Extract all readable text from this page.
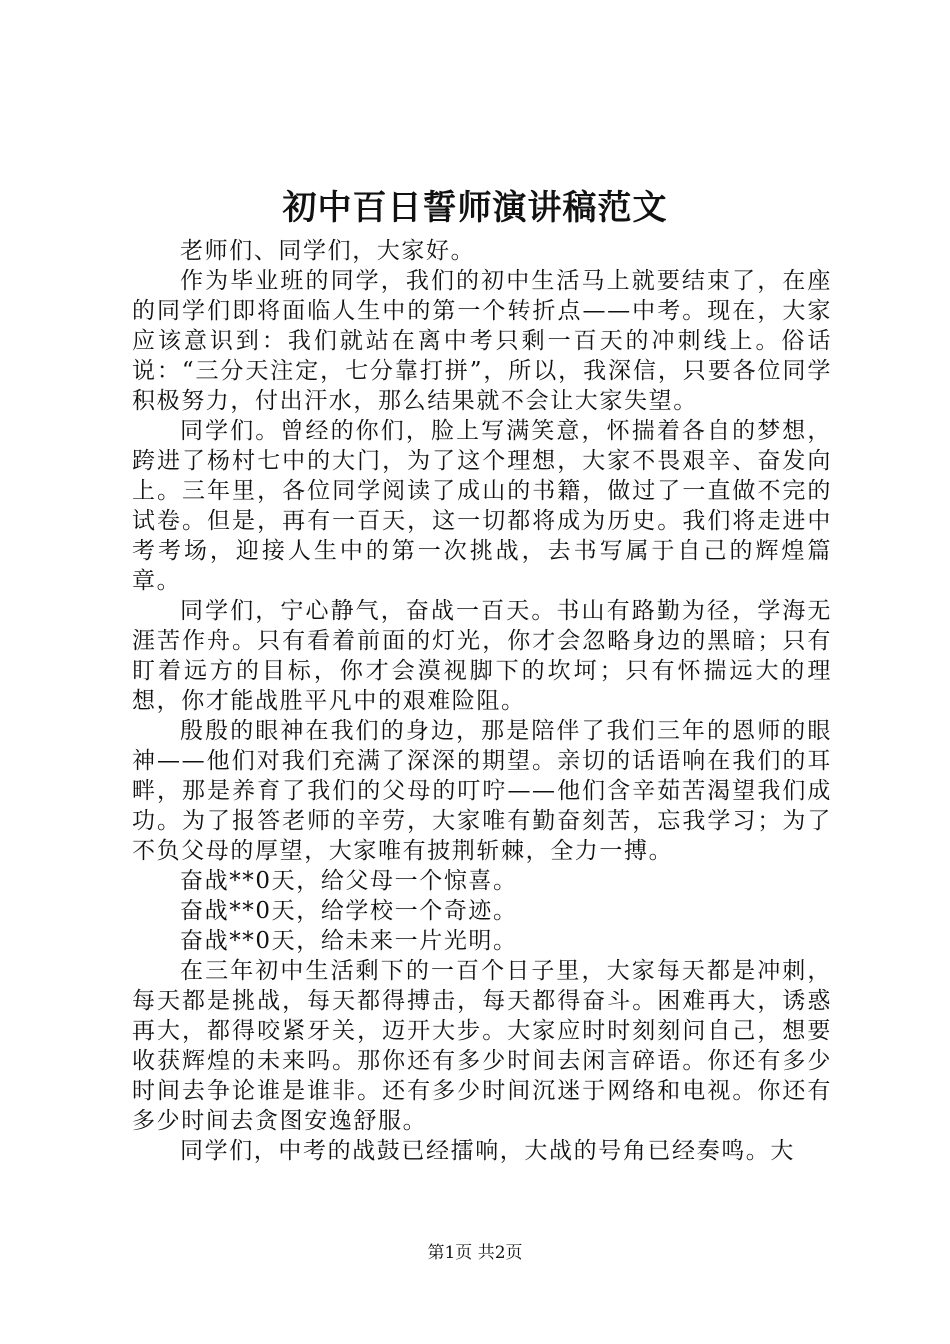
初中百日誓师演讲稿范文

老师们、同学们，大家好。

作为毕业班的同学，我们的初中生活马上就要结束了，在座的同学们即将面临人生中的第一个转折点——中考。现在，大家应该意识到：我们就站在离中考只剩一百天的冲刺线上。俗话说：“三分天注定，七分靠打拼”，所以，我深信，只要各位同学积极努力，付出汗水，那么结果就不会让大家失望。

同学们。曾经的你们，脸上写满笑意，怀揣着各自的梦想，跨进了杨村七中的大门，为了这个理想，大家不畏艰辛、奋发向上。三年里，各位同学阅读了成山的书籍，做过了一直做不完的试卷。但是，再有一百天，这一切都将成为历史。我们将走进中考考场，迎接人生中的第一次挑战，去书写属于自己的辉煌篇章。

同学们，宁心静气，奋战一百天。书山有路勤为径，学海无涯苦作舟。只有看着前面的灯光，你才会忽略身边的黑暗；只有盯着远方的目标，你才会漠视脚下的坎坷；只有怀揣远大的理想，你才能战胜平凡中的艰难险阻。

殷殷的眼神在我们的身边，那是陪伴了我们三年的恩师的眼神——他们对我们充满了深深的期望。亲切的话语响在我们的耳畔，那是养育了我们的父母的叮咛——他们含辛茹苦渴望我们成功。为了报答老师的辛劳，大家唯有勤奋刻苦，忘我学习；为了不负父母的厚望，大家唯有披荆斩棘，全力一搏。

奋战**0天，给父母一个惊喜。

奋战**0天，给学校一个奇迹。

奋战**0天，给未来一片光明。

在三年初中生活剩下的一百个日子里，大家每天都是冲刺，每天都是挑战，每天都得搏击，每天都得奋斗。困难再大，诱惑再大，都得咬紧牙关，迈开大步。大家应时时刻刻问自己，想要收获辉煌的未来吗。那你还有多少时间去闲言碎语。你还有多少时间去争论谁是谁非。还有多少时间沉迷于网络和电视。你还有多少时间去贪图安逸舒服。

同学们，中考的战鼓已经擂响，大战的号角已经奏鸣。大

第1页 共2页
